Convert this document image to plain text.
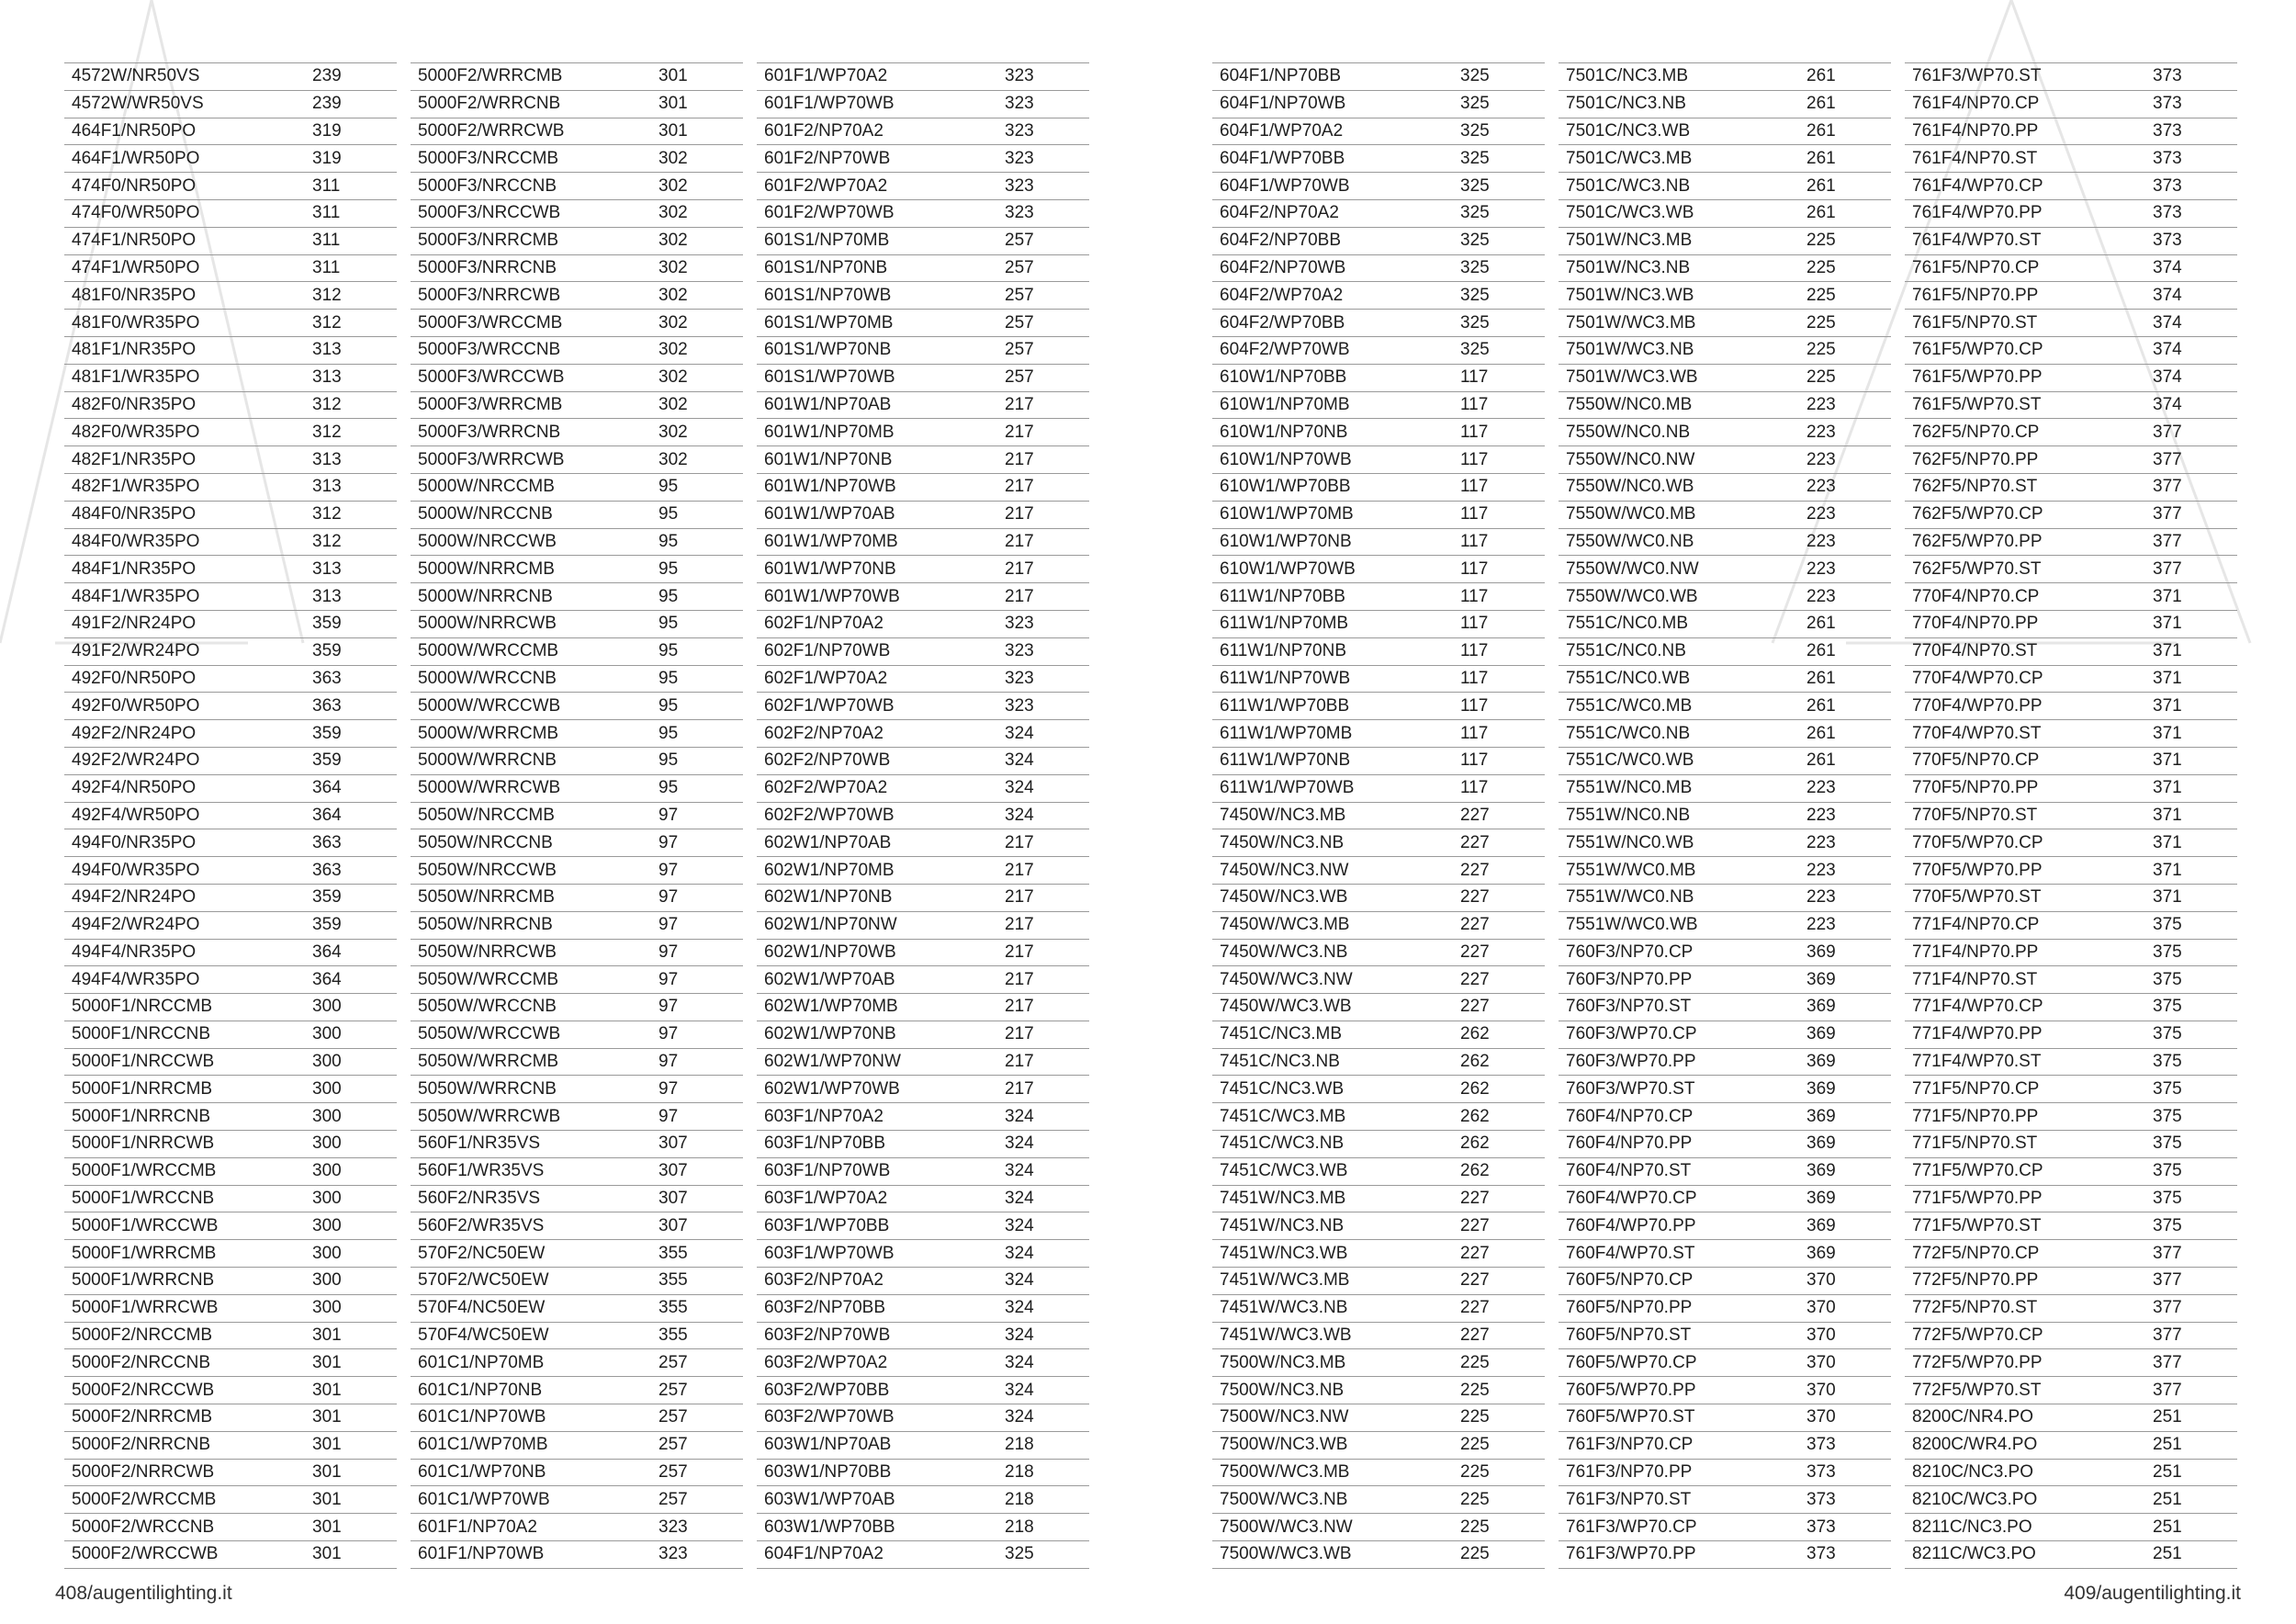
4572W/NR50VS	239
4572W/WR50VS	239
464F1/NR50PO	319
464F1/WR50PO	319
474F0/NR50PO	311
474F0/WR50PO	311
474F1/NR50PO	311
474F1/WR50PO	311
481F0/NR35PO	312
481F0/WR35PO	312
481F1/NR35PO	313
481F1/WR35PO	313
482F0/NR35PO	312
482F0/WR35PO	312
482F1/NR35PO	313
482F1/WR35PO	313
484F0/NR35PO	312
484F0/WR35PO	312
484F1/NR35PO	313
484F1/WR35PO	313
491F2/NR24PO	359
491F2/WR24PO	359
492F0/NR50PO	363
492F0/WR50PO	363
492F2/NR24PO	359
492F2/WR24PO	359
492F4/NR50PO	364
492F4/WR50PO	364
494F0/NR35PO	363
494F0/WR35PO	363
494F2/NR24PO	359
494F2/WR24PO	359
494F4/NR35PO	364
494F4/WR35PO	364
5000F1/NRCCMB	300
5000F1/NRCCNB	300
5000F1/NRCCWB	300
5000F1/NRRCMB	300
5000F1/NRRCNB	300
5000F1/NRRCWB	300
5000F1/WRCCMB	300
5000F1/WRCCNB	300
5000F1/WRCCWB	300
5000F1/WRRCMB	300
5000F1/WRRCNB	300
5000F1/WRRCWB	300
5000F2/NRCCMB	301
5000F2/NRCCNB	301
5000F2/NRCCWB	301
5000F2/NRRCMB	301
5000F2/NRRCNB	301
5000F2/NRRCWB	301
5000F2/WRCCMB	301
5000F2/WRCCNB	301
5000F2/WRCCWB	301
5000F2/WRRCMB	301
5000F2/WRRCNB	301
5000F2/WRRCWB	301
5000F3/NRCCMB	302
5000F3/NRCCNB	302
5000F3/NRCCWB	302
5000F3/NRRCMB	302
5000F3/NRRCNB	302
5000F3/NRRCWB	302
5000F3/WRCCMB	302
5000F3/WRCCNB	302
5000F3/WRCCWB	302
5000F3/WRRCMB	302
5000F3/WRRCNB	302
5000F3/WRRCWB	302
5000W/NRCCMB	95
5000W/NRCCNB	95
5000W/NRCCWB	95
5000W/NRRCMB	95
5000W/NRRCNB	95
5000W/NRRCWB	95
5000W/WRCCMB	95
5000W/WRCCNB	95
5000W/WRCCWB	95
5000W/WRRCMB	95
5000W/WRRCNB	95
5000W/WRRCWB	95
5050W/NRCCMB	97
5050W/NRCCNB	97
5050W/NRCCWB	97
5050W/NRRCMB	97
5050W/NRRCNB	97
5050W/NRRCWB	97
5050W/WRCCMB	97
5050W/WRCCNB	97
5050W/WRCCWB	97
5050W/WRRCMB	97
5050W/WRRCNB	97
5050W/WRRCWB	97
560F1/NR35VS	307
560F1/WR35VS	307
560F2/NR35VS	307
560F2/WR35VS	307
570F2/NC50EW	355
570F2/WC50EW	355
570F4/NC50EW	355
570F4/WC50EW	355
601C1/NP70MB	257
601C1/NP70NB	257
601C1/NP70WB	257
601C1/WP70MB	257
601C1/WP70NB	257
601C1/WP70WB	257
601F1/NP70A2	323
601F1/NP70WB	323
601F1/WP70A2	323
601F1/WP70WB	323
601F2/NP70A2	323
601F2/NP70WB	323
601F2/WP70A2	323
601F2/WP70WB	323
601S1/NP70MB	257
601S1/NP70NB	257
601S1/NP70WB	257
601S1/WP70MB	257
601S1/WP70NB	257
601S1/WP70WB	257
601W1/NP70AB	217
601W1/NP70MB	217
601W1/NP70NB	217
601W1/NP70WB	217
601W1/WP70AB	217
601W1/WP70MB	217
601W1/WP70NB	217
601W1/WP70WB	217
602F1/NP70A2	323
602F1/NP70WB	323
602F1/WP70A2	323
602F1/WP70WB	323
602F2/NP70A2	324
602F2/NP70WB	324
602F2/WP70A2	324
602F2/WP70WB	324
602W1/NP70AB	217
602W1/NP70MB	217
602W1/NP70NB	217
602W1/NP70NW	217
602W1/NP70WB	217
602W1/WP70AB	217
602W1/WP70MB	217
602W1/WP70NB	217
602W1/WP70NW	217
602W1/WP70WB	217
603F1/NP70A2	324
603F1/NP70BB	324
603F1/NP70WB	324
603F1/WP70A2	324
603F1/WP70BB	324
603F1/WP70WB	324
603F2/NP70A2	324
603F2/NP70BB	324
603F2/NP70WB	324
603F2/WP70A2	324
603F2/WP70BB	324
603F2/WP70WB	324
603W1/NP70AB	218
603W1/NP70BB	218
603W1/WP70AB	218
603W1/WP70BB	218
604F1/NP70A2	325
604F1/NP70BB	325
604F1/NP70WB	325
604F1/WP70A2	325
604F1/WP70BB	325
604F1/WP70WB	325
604F2/NP70A2	325
604F2/NP70BB	325
604F2/NP70WB	325
604F2/WP70A2	325
604F2/WP70BB	325
604F2/WP70WB	325
610W1/NP70BB	117
610W1/NP70MB	117
610W1/NP70NB	117
610W1/NP70WB	117
610W1/WP70BB	117
610W1/WP70MB	117
610W1/WP70NB	117
610W1/WP70WB	117
611W1/NP70BB	117
611W1/NP70MB	117
611W1/NP70NB	117
611W1/NP70WB	117
611W1/WP70BB	117
611W1/WP70MB	117
611W1/WP70NB	117
611W1/WP70WB	117
7450W/NC3.MB	227
7450W/NC3.NB	227
7450W/NC3.NW	227
7450W/NC3.WB	227
7450W/WC3.MB	227
7450W/WC3.NB	227
7450W/WC3.NW	227
7450W/WC3.WB	227
7451C/NC3.MB	262
7451C/NC3.NB	262
7451C/NC3.WB	262
7451C/WC3.MB	262
7451C/WC3.NB	262
7451C/WC3.WB	262
7451W/NC3.MB	227
7451W/NC3.NB	227
7451W/NC3.WB	227
7451W/WC3.MB	227
7451W/WC3.NB	227
7451W/WC3.WB	227
7500W/NC3.MB	225
7500W/NC3.NB	225
7500W/NC3.NW	225
7500W/NC3.WB	225
7500W/WC3.MB	225
7500W/WC3.NB	225
7500W/WC3.NW	225
7500W/WC3.WB	225
7501C/NC3.MB	261
7501C/NC3.NB	261
7501C/NC3.WB	261
7501C/WC3.MB	261
7501C/WC3.NB	261
7501C/WC3.WB	261
7501W/NC3.MB	225
7501W/NC3.NB	225
7501W/NC3.WB	225
7501W/WC3.MB	225
7501W/WC3.NB	225
7501W/WC3.WB	225
7550W/NC0.MB	223
7550W/NC0.NB	223
7550W/NC0.NW	223
7550W/NC0.WB	223
7550W/WC0.MB	223
7550W/WC0.NB	223
7550W/WC0.NW	223
7550W/WC0.WB	223
7551C/NC0.MB	261
7551C/NC0.NB	261
7551C/NC0.WB	261
7551C/WC0.MB	261
7551C/WC0.NB	261
7551C/WC0.WB	261
7551W/NC0.MB	223
7551W/NC0.NB	223
7551W/NC0.WB	223
7551W/WC0.MB	223
7551W/WC0.NB	223
7551W/WC0.WB	223
760F3/NP70.CP	369
760F3/NP70.PP	369
760F3/NP70.ST	369
760F3/WP70.CP	369
760F3/WP70.PP	369
760F3/WP70.ST	369
760F4/NP70.CP	369
760F4/NP70.PP	369
760F4/NP70.ST	369
760F4/WP70.CP	369
760F4/WP70.PP	369
760F4/WP70.ST	369
760F5/NP70.CP	370
760F5/NP70.PP	370
760F5/NP70.ST	370
760F5/WP70.CP	370
760F5/WP70.PP	370
760F5/WP70.ST	370
761F3/NP70.CP	373
761F3/NP70.PP	373
761F3/NP70.ST	373
761F3/WP70.CP	373
761F3/WP70.PP	373
761F3/WP70.ST	373
761F4/NP70.CP	373
761F4/NP70.PP	373
761F4/NP70.ST	373
761F4/WP70.CP	373
761F4/WP70.PP	373
761F4/WP70.ST	373
761F5/NP70.CP	374
761F5/NP70.PP	374
761F5/NP70.ST	374
761F5/WP70.CP	374
761F5/WP70.PP	374
761F5/WP70.ST	374
762F5/NP70.CP	377
762F5/NP70.PP	377
762F5/NP70.ST	377
762F5/WP70.CP	377
762F5/WP70.PP	377
762F5/WP70.ST	377
770F4/NP70.CP	371
770F4/NP70.PP	371
770F4/NP70.ST	371
770F4/WP70.CP	371
770F4/WP70.PP	371
770F4/WP70.ST	371
770F5/NP70.CP	371
770F5/NP70.PP	371
770F5/NP70.ST	371
770F5/WP70.CP	371
770F5/WP70.PP	371
770F5/WP70.ST	371
771F4/NP70.CP	375
771F4/NP70.PP	375
771F4/NP70.ST	375
771F4/WP70.CP	375
771F4/WP70.PP	375
771F4/WP70.ST	375
771F5/NP70.CP	375
771F5/NP70.PP	375
771F5/NP70.ST	375
771F5/WP70.CP	375
771F5/WP70.PP	375
771F5/WP70.ST	375
772F5/NP70.CP	377
772F5/NP70.PP	377
772F5/NP70.ST	377
772F5/WP70.CP	377
772F5/WP70.PP	377
772F5/WP70.ST	377
8200C/NR4.PO	251
8200C/WR4.PO	251
8210C/NC3.PO	251
8210C/WC3.PO	251
8211C/NC3.PO	251
8211C/WC3.PO	251
408/augentilighting.it	409/augentilighting.it
